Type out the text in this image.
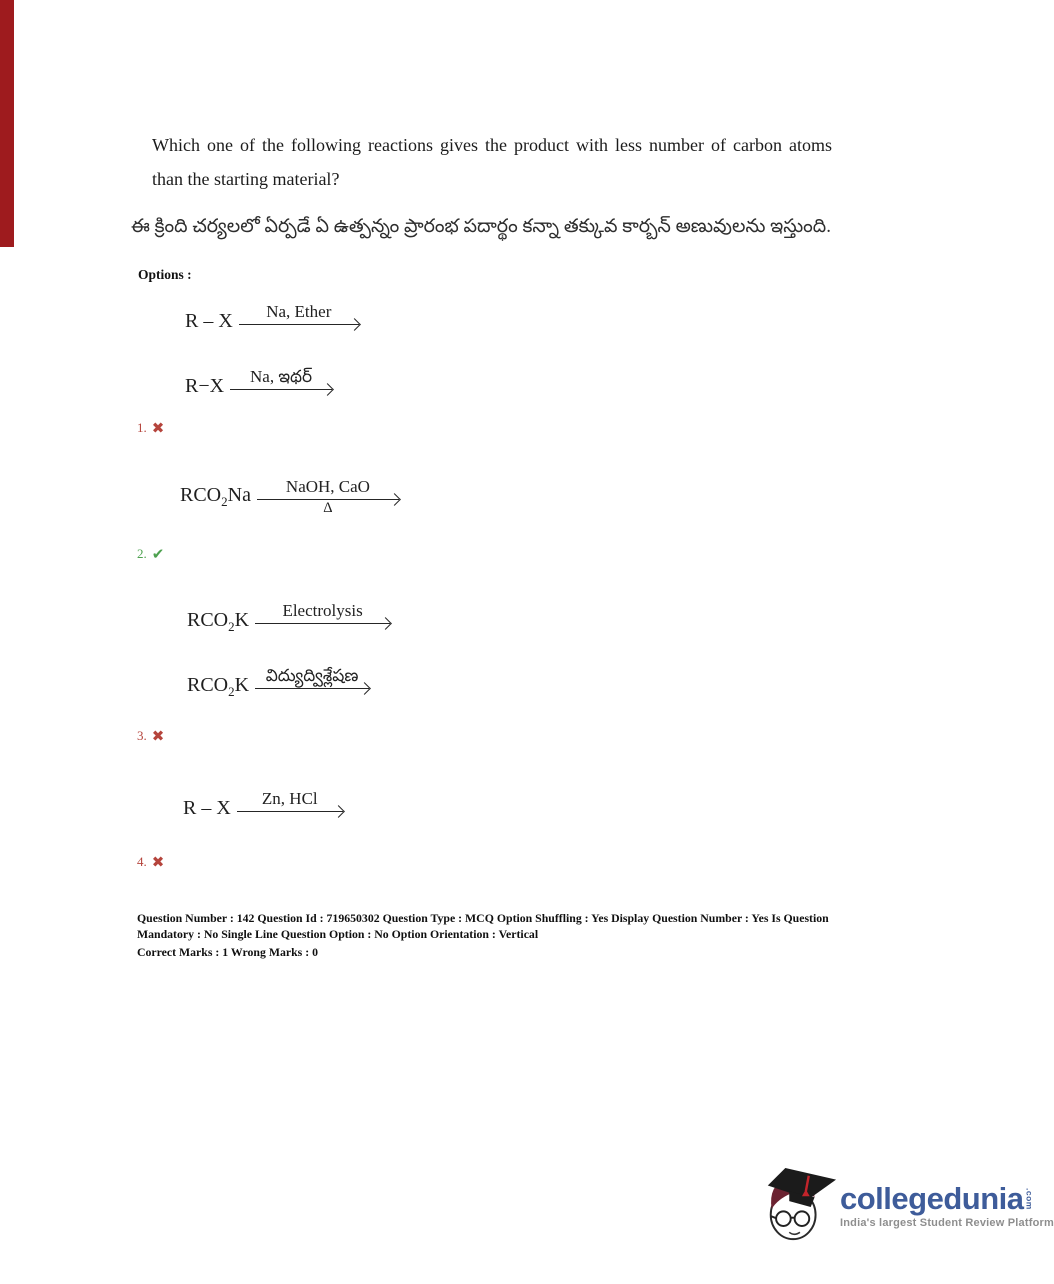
Which one of the following reactions gives the product with less number of carbon atoms than the starting material?
ఈ క్రింది చర్యలలో ఏర్పడే ఏ ఉత్పన్నం ప్రారంభ పదార్థం కన్నా తక్కువ కార్బన్ అణువులను ఇస్తుంది.
Options :
R – X	Na, Ether
R−X	Na, ఇథర్
1. ✖
$RCO_2Na$	NaOH, CaO
Δ
2. ✔
$RCO_2K$	Electrolysis
$RCO_2K$ విద్యుద్విశ్లేషణ
3. ✖
R – X	Zn, HCl
4. ✖
Question Number : 142 Question Id : 719650302 Question Type : MCQ Option Shuffling : Yes Display Question Number : Yes Is Question
Mandatory : No Single Line Question Option : No Option Orientation : Vertical
Correct Marks : 1 Wrong Marks : 0
collegedunia .com
India's largest Student Review Platform
